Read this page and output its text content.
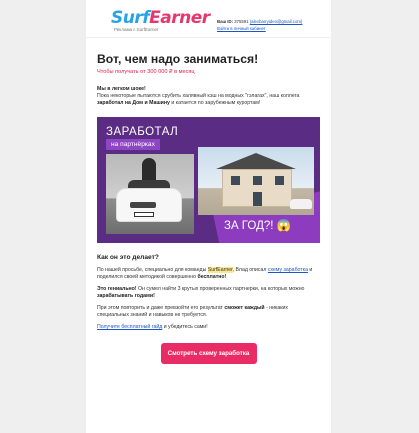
SurfEarner
Реклама с SurfEarner
Ваш ID: 375591 (alexbarryideo@gmail.com)
Войти в личный кабинет
Вот, чем надо заниматься!
Чтобы получать от 300 000 ₽ в месяц

Мы в легком шоке!
Пока некоторые пытаются срубить халявный кэш на модных "гэлагах", наш коллега заработал на Дом и Машину и катается по зарубежным курортам!

ЗАРАБОТАЛ
на партнёрках
ЗА ГОД?! 😱
Как он это делает?

По нашей просьбе, специально для команды SurfEarner, Влад описал схему заработка и поделился своей методикой совершенно бесплатно!

Это гениально! Он сумел найти 3 крутых проверенных партнерки, на которых можно зарабатывать годами!

При этом повторить и даже превзойти его результат сможет каждый - никаких специальных знаний и навыков не требуется.

Получите бесплатный гайд и убедитесь сами!

Смотреть схему заработка
